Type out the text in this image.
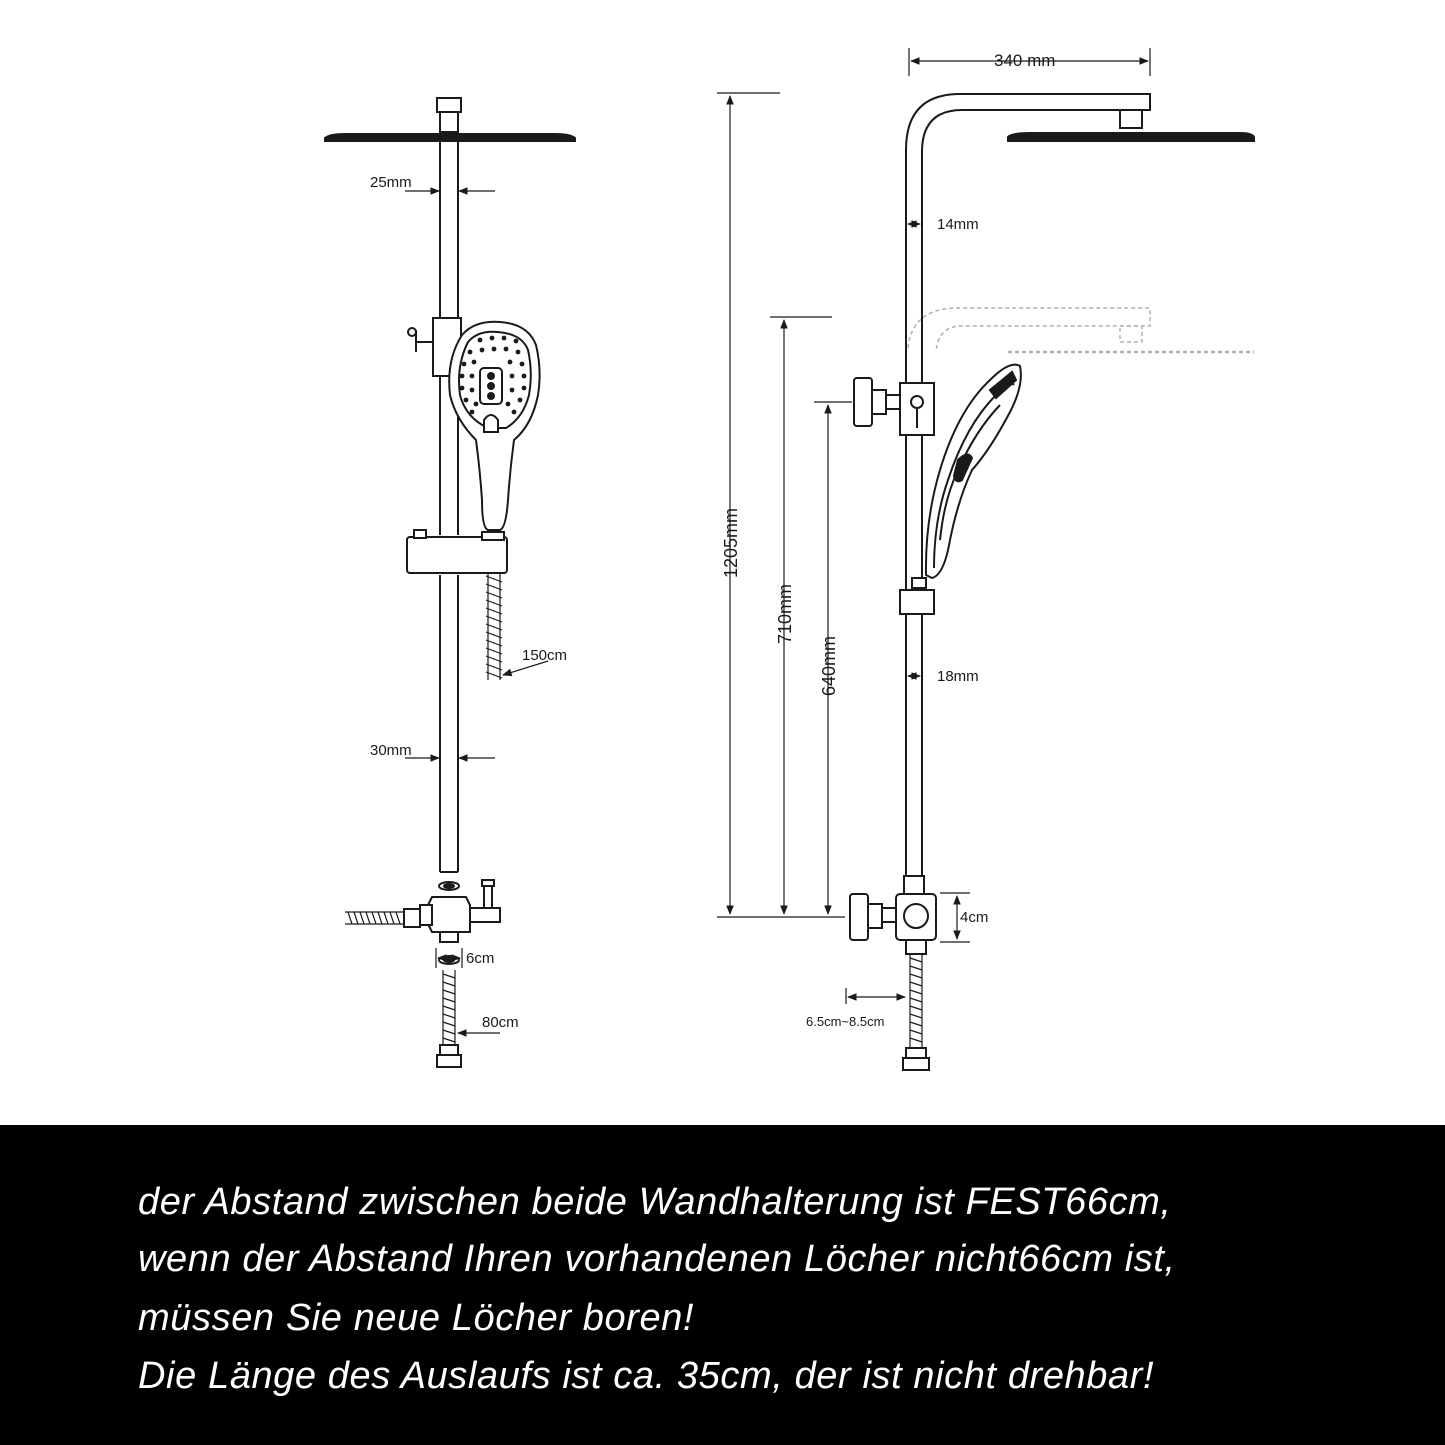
25mm
150cm
30mm
6cm
80cm
340 mm
14mm
1205mm
710mm
640mm	18mm
4cm
6.5cm~8.5cm
der Abstand zwischen beide Wandhalterung ist FEST66cm,
wenn der Abstand Ihren vorhandenen Löcher nicht66cm ist,
müssen Sie neue Löcher boren!
Die Länge des Auslaufs ist ca. 35cm, der ist nicht drehbar!
